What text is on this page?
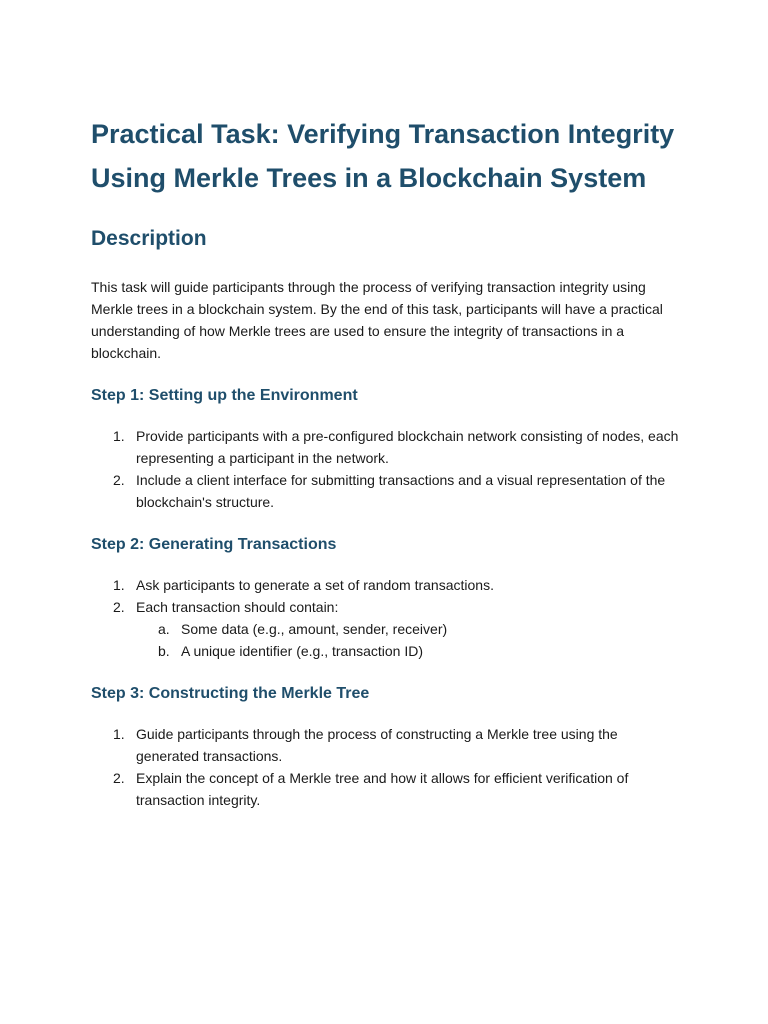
Practical Task: Verifying Transaction Integrity Using Merkle Trees in a Blockchain System
Description

This task will guide participants through the process of verifying transaction integrity using Merkle trees in a blockchain system. By the end of this task, participants will have a practical understanding of how Merkle trees are used to ensure the integrity of transactions in a blockchain.

Step 1: Setting up the Environment
1. Provide participants with a pre-configured blockchain network consisting of nodes, each representing a participant in the network.
2. Include a client interface for submitting transactions and a visual representation of the blockchain's structure.
Step 2: Generating Transactions
1. Ask participants to generate a set of random transactions.
2. Each transaction should contain:
a. Some data (e.g., amount, sender, receiver)
b. A unique identifier (e.g., transaction ID)
Step 3: Constructing the Merkle Tree
1. Guide participants through the process of constructing a Merkle tree using the generated transactions.
2. Explain the concept of a Merkle tree and how it allows for efficient verification of transaction integrity.
